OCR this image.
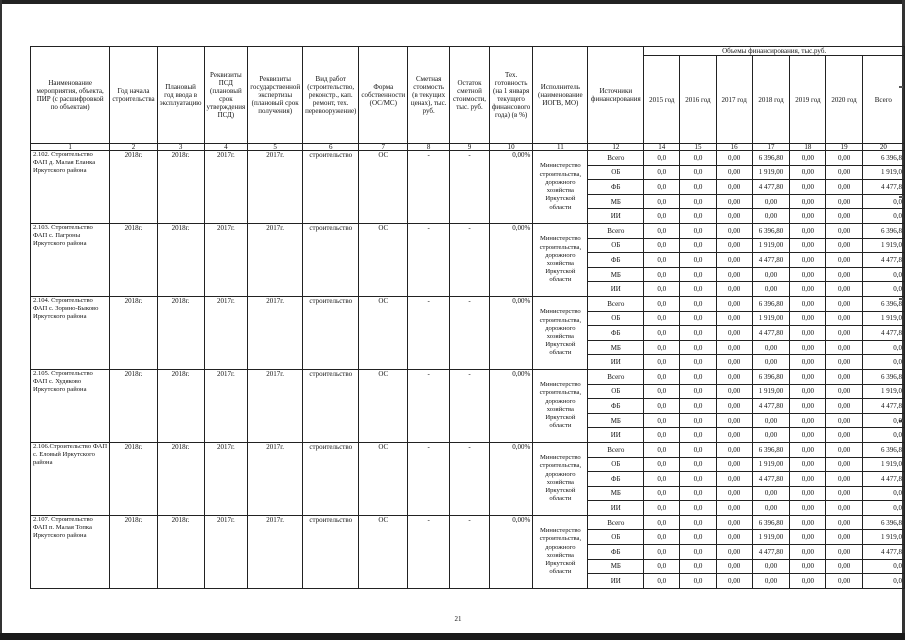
Наименование мероприятия, объекта, ПИР (с расшифровкой по объектам)	Год начала строительства	Плановый год ввода в эксплуатацию	Реквизиты ПСД (плановый срок утверждения ПСД)	Реквизиты государственной экспертизы (плановый срок получения)	Вид работ (строительство, реконстр., кап. ремонт, тех. перевооружение)	Форма собственности (ОС/МС)	Сметная стоимость (в текущих ценах), тыс. руб.	Остаток сметной стоимости, тыс. руб.	Тех. готовность (на 1 января текущего финансового года) (в %)	Исполнитель (наименование ИОГВ, МО)	Источники финансирования	Объемы финансирования, тыс.руб.						
												2015 год	2016 год	2017 год	2018 год	2019 год	2020 год	Всего
1	2	3	4	5	6	7	8	9	10	11	12	14	15	16	17	18	19	20
2.102. Строительство ФАП д. Малая Еланка Иркутского района	2018г.	2018г.	2017г.	2017г.	строительство	ОС	-	-	0,00%	Министерство строительства, дорожного хозяйства Иркутской области	Всего	0,0	0,0	0,00	6 396,80	0,00	0,00	6 396,8
											ОБ	0,0	0,0	0,00	1 919,00	0,00	0,00	1 919,0
											ФБ	0,0	0,0	0,00	4 477,80	0,00	0,00	4 477,8
											МБ	0,0	0,0	0,00	0,00	0,00	0,00	0,0
											ИИ	0,0	0,0	0,00	0,00	0,00	0,00	0,0
2.103. Строительство ФАП с. Пагроны Иркутского района	2018г.	2018г.	2017г.	2017г.	строительство	ОС	-	-	0,00%	Министерство строительства, дорожного хозяйства Иркутской области	Всего	0,0	0,0	0,00	6 396,80	0,00	0,00	6 396,8
											ОБ	0,0	0,0	0,00	1 919,00	0,00	0,00	1 919,0
											ФБ	0,0	0,0	0,00	4 477,80	0,00	0,00	4 477,8
											МБ	0,0	0,0	0,00	0,00	0,00	0,00	0,0
											ИИ	0,0	0,0	0,00	0,00	0,00	0,00	0,0
2.104. Строительство ФАП с. Зорино-Быково Иркутского района	2018г.	2018г.	2017г.	2017г.	строительство	ОС	-	-	0,00%	Министерство строительства, дорожного хозяйства Иркутской области	Всего	0,0	0,0	0,00	6 396,80	0,00	0,00	6 396,8
											ОБ	0,0	0,0	0,00	1 919,00	0,00	0,00	1 919,0
											ФБ	0,0	0,0	0,00	4 477,80	0,00	0,00	4 477,8
											МБ	0,0	0,0	0,00	0,00	0,00	0,00	0,0
											ИИ	0,0	0,0	0,00	0,00	0,00	0,00	0,0
2.105. Строительство ФАП с. Худяково Иркутского района	2018г.	2018г.	2017г.	2017г.	строительство	ОС	-	-	0,00%	Министерство строительства, дорожного хозяйства Иркутской области	Всего	0,0	0,0	0,00	6 396,80	0,00	0,00	6 396,8
											ОБ	0,0	0,0	0,00	1 919,00	0,00	0,00	1 919,0
											ФБ	0,0	0,0	0,00	4 477,80	0,00	0,00	4 477,8
											МБ	0,0	0,0	0,00	0,00	0,00	0,00	0,0
											ИИ	0,0	0,0	0,00	0,00	0,00	0,00	0,0
2.106.Строительство ФАП с. Еловый Иркутского района	2018г.	2018г.	2017г.	2017г.	строительство	ОС	-	-	0,00%	Министерство строительства, дорожного хозяйства Иркутской области	Всего	0,0	0,0	0,00	6 396,80	0,00	0,00	6 396,8
											ОБ	0,0	0,0	0,00	1 919,00	0,00	0,00	1 919,0
											ФБ	0,0	0,0	0,00	4 477,80	0,00	0,00	4 477,8
											МБ	0,0	0,0	0,00	0,00	0,00	0,00	0,0
											ИИ	0,0	0,0	0,00	0,00	0,00	0,00	0,0
2.107. Строительство ФАП п. Малая Топка Иркутского района	2018г.	2018г.	2017г.	2017г.	строительство	ОС	-	-	0,00%	Министерство строительства, дорожного хозяйства Иркутской области	Всего	0,0	0,0	0,00	6 396,80	0,00	0,00	6 396,8
											ОБ	0,0	0,0	0,00	1 919,00	0,00	0,00	1 919,0
											ФБ	0,0	0,0	0,00	4 477,80	0,00	0,00	4 477,8
											МБ	0,0	0,0	0,00	0,00	0,00	0,00	0,0
											ИИ	0,0	0,0	0,00	0,00	0,00	0,00	0,0
21
